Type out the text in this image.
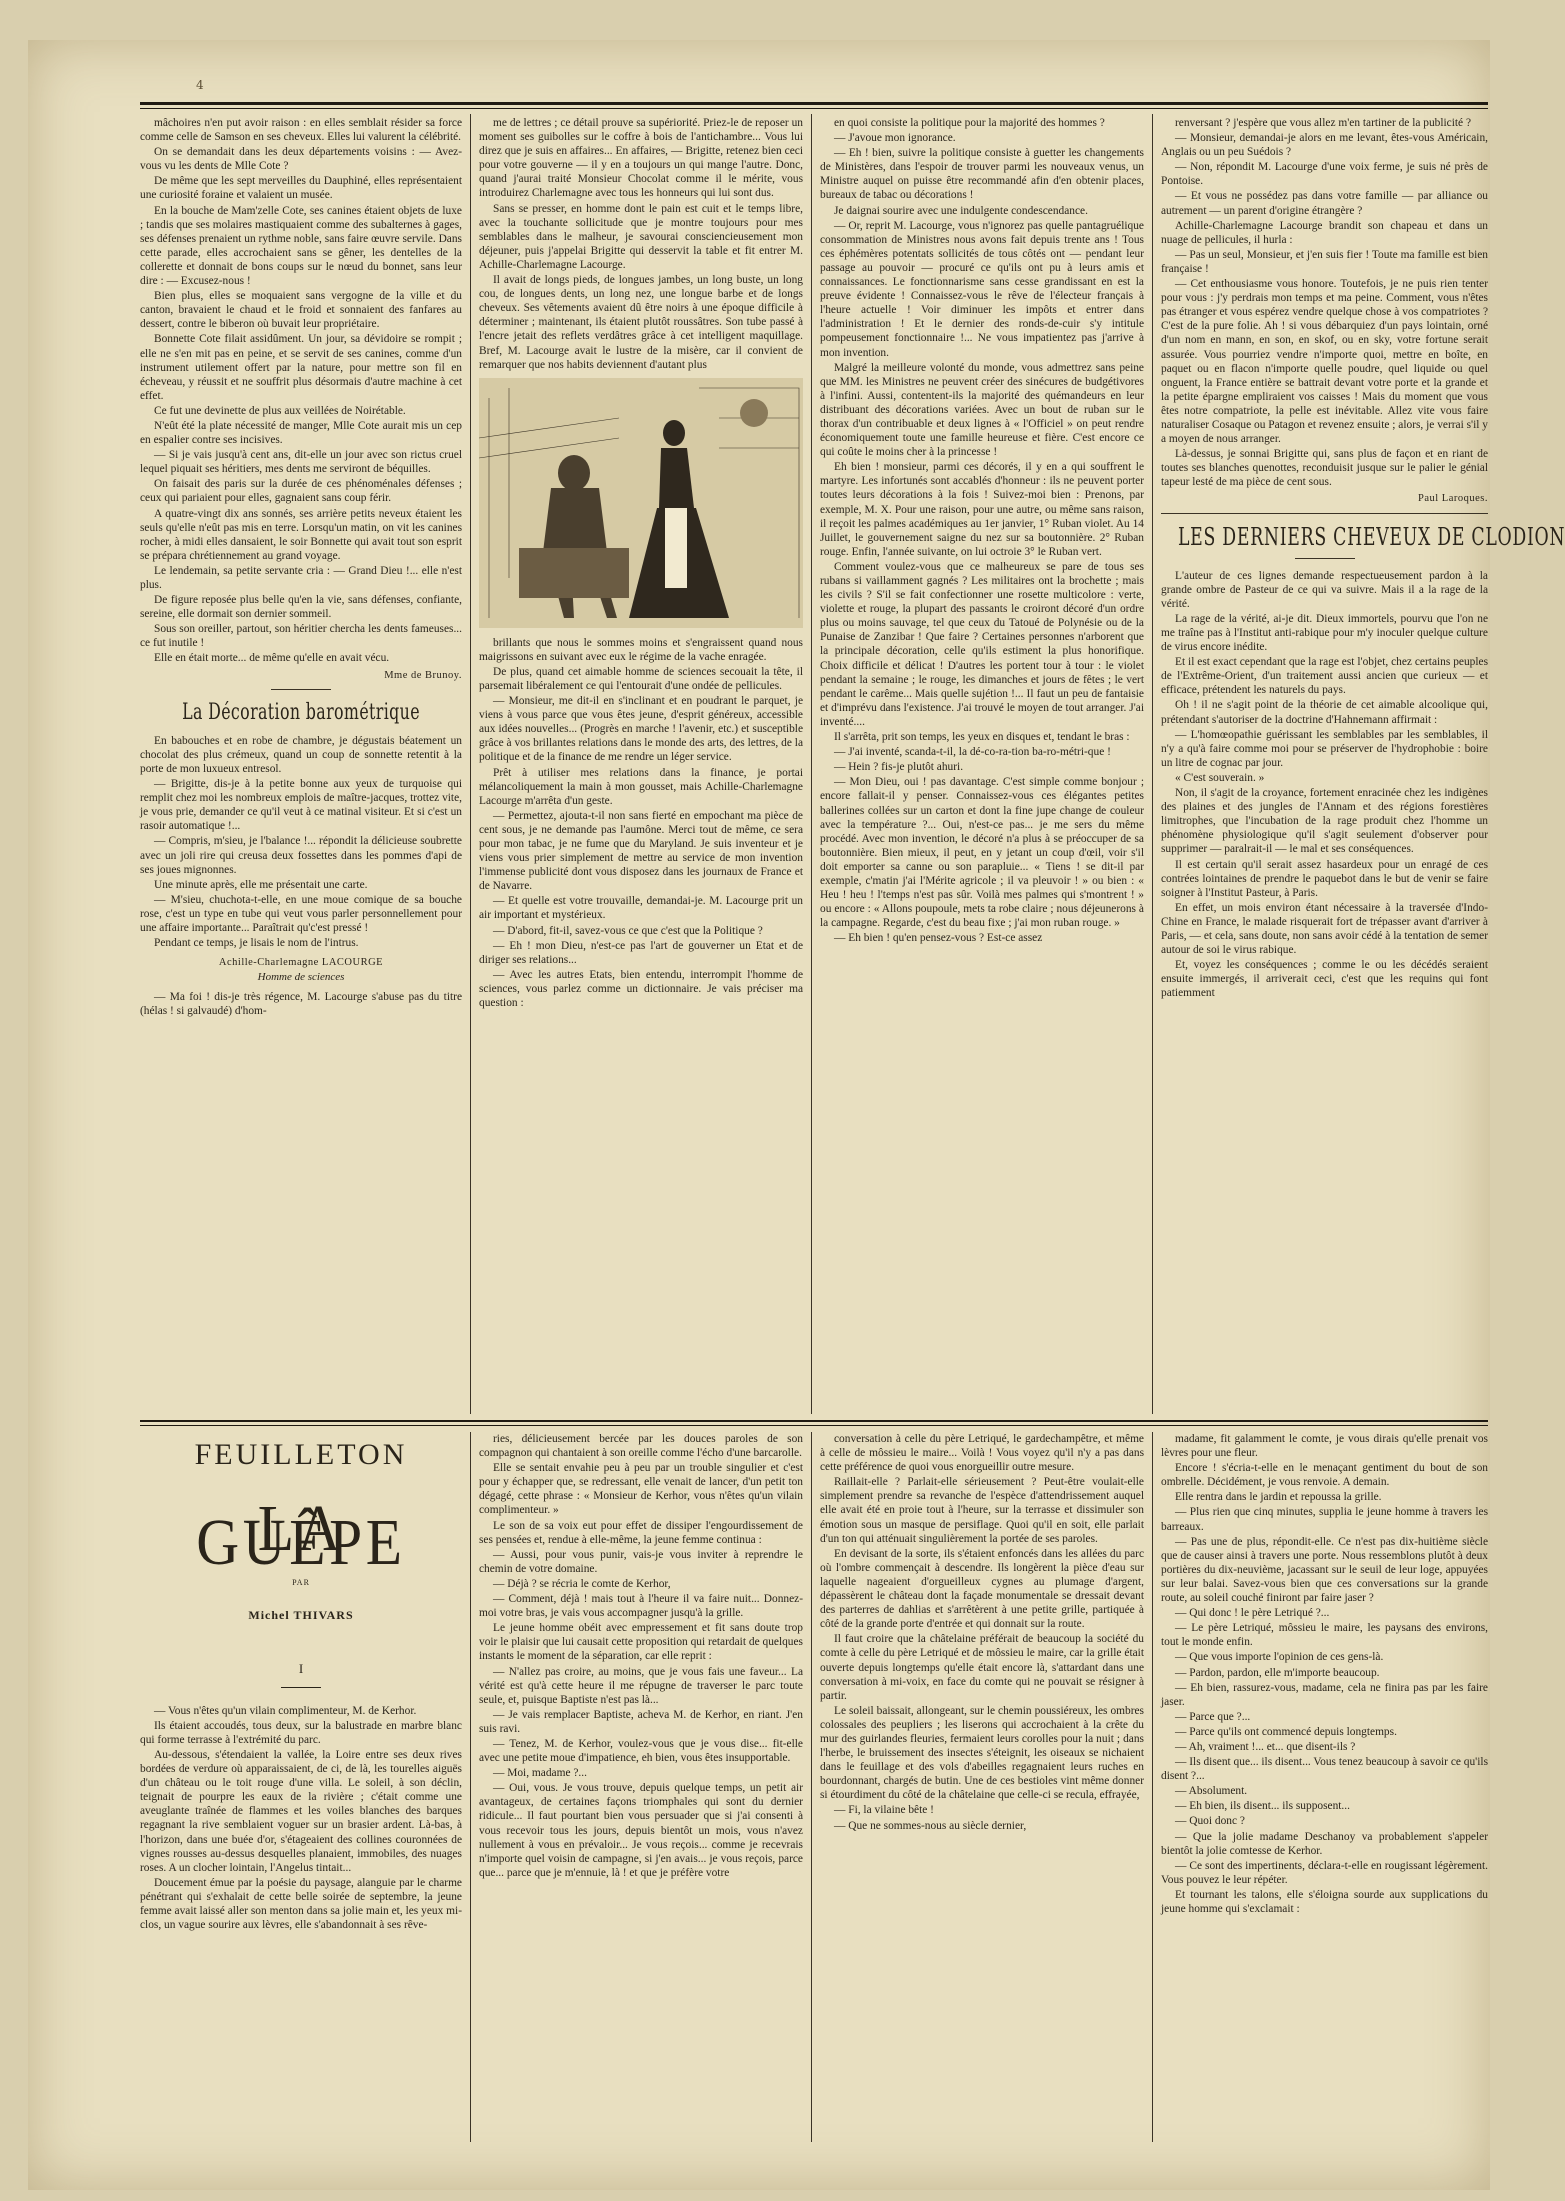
4

mâchoires n'en put avoir raison : en elles semblait résider sa force comme celle de Samson en ses cheveux. Elles lui valurent la célébrité.

On se demandait dans les deux départements voisins : — Avez-vous vu les dents de Mlle Cote ?

De même que les sept merveilles du Dauphiné, elles représentaient une curiosité foraine et valaient un musée.

En la bouche de Mam'zelle Cote, ses canines étaient objets de luxe ; tandis que ses molaires mastiquaient comme des subalternes à gages, ses défenses prenaient un rythme noble, sans faire œuvre servile. Dans cette parade, elles accrochaient sans se gêner, les dentelles de la collerette et donnait de bons coups sur le nœud du bonnet, sans leur dire : — Excusez-nous !

Bien plus, elles se moquaient sans vergogne de la ville et du canton, bravaient le chaud et le froid et sonnaient des fanfares au dessert, contre le biberon où buvait leur propriétaire.

Bonnette Cote filait assidûment. Un jour, sa dévidoire se rompit ; elle ne s'en mit pas en peine, et se servit de ses canines, comme d'un instrument utilement offert par la nature, pour mettre son fil en écheveau, y réussit et ne souffrit plus désormais d'autre machine à cet effet.

Ce fut une devinette de plus aux veillées de Noirétable.

N'eût été la plate nécessité de manger, Mlle Cote aurait mis un cep en espalier contre ses incisives.

— Si je vais jusqu'à cent ans, dit-elle un jour avec son rictus cruel lequel piquait ses héritiers, mes dents me serviront de béquilles.

On faisait des paris sur la durée de ces phénoménales défenses ; ceux qui pariaient pour elles, gagnaient sans coup férir.

A quatre-vingt dix ans sonnés, ses arrière petits neveux étaient les seuls qu'elle n'eût pas mis en terre. Lorsqu'un matin, on vit les canines rocher, à midi elles dansaient, le soir Bonnette qui avait tout son esprit se prépara chrétiennement au grand voyage.

Le lendemain, sa petite servante cria : — Grand Dieu !... elle n'est plus.

De figure reposée plus belle qu'en la vie, sans défenses, confiante, sereine, elle dormait son dernier sommeil.

Sous son oreiller, partout, son héritier chercha les dents fameuses... ce fut inutile !

Elle en était morte... de même qu'elle en avait vécu.

Mme de Brunoy.
La Décoration barométrique

En babouches et en robe de chambre, je dégustais béatement un chocolat des plus crémeux, quand un coup de sonnette retentit à la porte de mon luxueux entresol.

— Brigitte, dis-je à la petite bonne aux yeux de turquoise qui remplit chez moi les nombreux emplois de maître-jacques, trottez vite, je vous prie, demander ce qu'il veut à ce matinal visiteur. Et si c'est un rasoir automatique !...

— Compris, m'sieu, je l'balance !... répondit la délicieuse soubrette avec un joli rire qui creusa deux fossettes dans les pommes d'api de ses joues mignonnes.

Une minute après, elle me présentait une carte.

— M'sieu, chuchota-t-elle, en une moue comique de sa bouche rose, c'est un type en tube qui veut vous parler personnellement pour une affaire importante... Paraîtrait qu'c'est pressé !

Pendant ce temps, je lisais le nom de l'intrus.

Achille-Charlemagne LACOURGE
Homme de sciences

— Ma foi ! dis-je très régence, M. Lacourge s'abuse pas du titre (hélas ! si galvaudé) d'hom-

me de lettres ; ce détail prouve sa supériorité. Priez-le de reposer un moment ses guibolles sur le coffre à bois de l'antichambre... Vous lui direz que je suis en affaires... En affaires, — Brigitte, retenez bien ceci pour votre gouverne — il y en a toujours un qui mange l'autre. Donc, quand j'aurai traité Monsieur Chocolat comme il le mérite, vous introduirez Charlemagne avec tous les honneurs qui lui sont dus.

Sans se presser, en homme dont le pain est cuit et le temps libre, avec la touchante sollicitude que je montre toujours pour mes semblables dans le malheur, je savourai consciencieusement mon déjeuner, puis j'appelai Brigitte qui desservit la table et fit entrer M. Achille-Charlemagne Lacourge.

Il avait de longs pieds, de longues jambes, un long buste, un long cou, de longues dents, un long nez, une longue barbe et de longs cheveux. Ses vêtements avaient dû être noirs à une époque difficile à déterminer ; maintenant, ils étaient plutôt roussâtres. Son tube passé à l'encre jetait des reflets verdâtres grâce à cet intelligent maquillage. Bref, M. Lacourge avait le lustre de la misère, car il convient de remarquer que nos habits deviennent d'autant plus

brillants que nous le sommes moins et s'engraissent quand nous maigrissons en suivant avec eux le régime de la vache enragée.

De plus, quand cet aimable homme de sciences secouait la tête, il parsemait libéralement ce qui l'entourait d'une ondée de pellicules.

— Monsieur, me dit-il en s'inclinant et en poudrant le parquet, je viens à vous parce que vous êtes jeune, d'esprit généreux, accessible aux idées nouvelles... (Progrès en marche ! l'avenir, etc.) et susceptible grâce à vos brillantes relations dans le monde des arts, des lettres, de la politique et de la finance de me rendre un léger service.

Prêt à utiliser mes relations dans la finance, je portai mélancoliquement la main à mon gousset, mais Achille-Charlemagne Lacourge m'arrêta d'un geste.

— Permettez, ajouta-t-il non sans fierté en empochant ma pièce de cent sous, je ne demande pas l'aumône. Merci tout de même, ce sera pour mon tabac, je ne fume que du Maryland. Je suis inventeur et je viens vous prier simplement de mettre au service de mon invention l'immense publicité dont vous disposez dans les journaux de France et de Navarre.

— Et quelle est votre trouvaille, demandai-je. M. Lacourge prit un air important et mystérieux.

— D'abord, fit-il, savez-vous ce que c'est que la Politique ?

— Eh ! mon Dieu, n'est-ce pas l'art de gouverner un Etat et de diriger ses relations...

— Avec les autres Etats, bien entendu, interrompit l'homme de sciences, vous parlez comme un dictionnaire. Je vais préciser ma question :

en quoi consiste la politique pour la majorité des hommes ?

— J'avoue mon ignorance.

— Eh ! bien, suivre la politique consiste à guetter les changements de Ministères, dans l'espoir de trouver parmi les nouveaux venus, un Ministre auquel on puisse être recommandé afin d'en obtenir places, bureaux de tabac ou décorations !

Je daignai sourire avec une indulgente condescendance.

— Or, reprit M. Lacourge, vous n'ignorez pas quelle pantagruélique consommation de Ministres nous avons fait depuis trente ans ! Tous ces éphémères potentats sollicités de tous côtés ont — pendant leur passage au pouvoir — procuré ce qu'ils ont pu à leurs amis et connaissances. Le fonctionnarisme sans cesse grandissant en est la preuve évidente ! Connaissez-vous le rêve de l'électeur français à l'heure actuelle ! Voir diminuer les impôts et entrer dans l'administration ! Et le dernier des ronds-de-cuir s'y intitule pompeusement fonctionnaire !... Ne vous impatientez pas j'arrive à mon invention.

Malgré la meilleure volonté du monde, vous admettrez sans peine que MM. les Ministres ne peuvent créer des sinécures de budgétivores à l'infini. Aussi, contentent-ils la majorité des quémandeurs en leur distribuant des décorations variées. Avec un bout de ruban sur le thorax d'un contribuable et deux lignes à « l'Officiel » on peut rendre économiquement toute une famille heureuse et fière. C'est encore ce qui coûte le moins cher à la princesse !

Eh bien ! monsieur, parmi ces décorés, il y en a qui souffrent le martyre. Les infortunés sont accablés d'honneur : ils ne peuvent porter toutes leurs décorations à la fois ! Suivez-moi bien : Prenons, par exemple, M. X. Pour une raison, pour une autre, ou même sans raison, il reçoit les palmes académiques au 1er janvier, 1° Ruban violet. Au 14 Juillet, le gouvernement saigne du nez sur sa boutonnière. 2° Ruban rouge. Enfin, l'année suivante, on lui octroie 3° le Ruban vert.

Comment voulez-vous que ce malheureux se pare de tous ses rubans si vaillamment gagnés ? Les militaires ont la brochette ; mais les civils ? S'il se fait confectionner une rosette multicolore : verte, violette et rouge, la plupart des passants le croiront décoré d'un ordre plus ou moins sauvage, tel que ceux du Tatoué de Polynésie ou de la Punaise de Zanzibar ! Que faire ? Certaines personnes n'arborent que la principale décoration, celle qu'ils estiment la plus honorifique. Choix difficile et délicat ! D'autres les portent tour à tour : le violet pendant la semaine ; le rouge, les dimanches et jours de fêtes ; le vert pendant le carême... Mais quelle sujétion !... Il faut un peu de fantaisie et d'imprévu dans l'existence. J'ai trouvé le moyen de tout arranger. J'ai inventé....

Il s'arrêta, prit son temps, les yeux en disques et, tendant le bras :

— J'ai inventé, scanda-t-il, la dé-co-ra-tion ba-ro-métri-que !

— Hein ? fis-je plutôt ahuri.

— Mon Dieu, oui ! pas davantage. C'est simple comme bonjour ; encore fallait-il y penser. Connaissez-vous ces élégantes petites ballerines collées sur un carton et dont la fine jupe change de couleur avec la température ?... Oui, n'est-ce pas... je me sers du même procédé. Avec mon invention, le décoré n'a plus à se préoccuper de sa boutonnière. Bien mieux, il peut, en y jetant un coup d'œil, voir s'il doit emporter sa canne ou son parapluie... « Tiens ! se dit-il par exemple, c'matin j'ai l'Mérite agricole ; il va pleuvoir ! » ou bien : « Heu ! heu ! l'temps n'est pas sûr. Voilà mes palmes qui s'montrent ! » ou encore : « Allons poupoule, mets ta robe claire ; nous déjeunerons à la campagne. Regarde, c'est du beau fixe ; j'ai mon ruban rouge. »

— Eh bien ! qu'en pensez-vous ? Est-ce assez

renversant ? j'espère que vous allez m'en tartiner de la publicité ?

— Monsieur, demandai-je alors en me levant, êtes-vous Américain, Anglais ou un peu Suédois ?

— Non, répondit M. Lacourge d'une voix ferme, je suis né près de Pontoise.

— Et vous ne possédez pas dans votre famille — par alliance ou autrement — un parent d'origine étrangère ?

Achille-Charlemagne Lacourge brandit son chapeau et dans un nuage de pellicules, il hurla :

— Pas un seul, Monsieur, et j'en suis fier ! Toute ma famille est bien française !

— Cet enthousiasme vous honore. Toutefois, je ne puis rien tenter pour vous : j'y perdrais mon temps et ma peine. Comment, vous n'êtes pas étranger et vous espérez vendre quelque chose à vos compatriotes ? C'est de la pure folie. Ah ! si vous débarquiez d'un pays lointain, orné d'un nom en mann, en son, en skof, ou en sky, votre fortune serait assurée. Vous pourriez vendre n'importe quoi, mettre en boîte, en paquet ou en flacon n'importe quelle poudre, quel liquide ou quel onguent, la France entière se battrait devant votre porte et la grande et la petite épargne empliraient vos caisses ! Mais du moment que vous êtes notre compatriote, la pelle est inévitable. Allez vite vous faire naturaliser Cosaque ou Patagon et revenez ensuite ; alors, je verrai s'il y a moyen de nous arranger.

Là-dessus, je sonnai Brigitte qui, sans plus de façon et en riant de toutes ses blanches quenottes, reconduisit jusque sur le palier le génial tapeur lesté de ma pièce de cent sous.

Paul Laroques.
LES DERNIERS CHEVEUX DE CLODION

L'auteur de ces lignes demande respectueusement pardon à la grande ombre de Pasteur de ce qui va suivre. Mais il a la rage de la vérité.

La rage de la vérité, ai-je dit. Dieux immortels, pourvu que l'on ne me traîne pas à l'Institut anti-rabique pour m'y inoculer quelque culture de virus encore inédite.

Et il est exact cependant que la rage est l'objet, chez certains peuples de l'Extrême-Orient, d'un traitement aussi ancien que curieux — et efficace, prétendent les naturels du pays.

Oh ! il ne s'agit point de la théorie de cet aimable alcoolique qui, prétendant s'autoriser de la doctrine d'Hahnemann affirmait :

— L'homœopathie guérissant les semblables par les semblables, il n'y a qu'à faire comme moi pour se préserver de l'hydrophobie : boire un litre de cognac par jour.

« C'est souverain. »

Non, il s'agit de la croyance, fortement enracinée chez les indigènes des plaines et des jungles de l'Annam et des régions forestières limitrophes, que l'incubation de la rage produit chez l'homme un phénomène physiologique qu'il s'agit seulement d'observer pour supprimer — paralrait-il — le mal et ses conséquences.

Il est certain qu'il serait assez hasardeux pour un enragé de ces contrées lointaines de prendre le paquebot dans le but de venir se faire soigner à l'Institut Pasteur, à Paris.

En effet, un mois environ étant nécessaire à la traversée d'Indo-Chine en France, le malade risquerait fort de trépasser avant d'arriver à Paris, — et cela, sans doute, non sans avoir cédé à la tentation de semer autour de soi le virus rabique.

Et, voyez les conséquences ; comme le ou les décédés seraient ensuite immergés, il arriverait ceci, c'est que les requins qui font patiemment

FEUILLETON
LA GUÊPE
PAR
Michel THIVARS
I

— Vous n'êtes qu'un vilain complimenteur, M. de Kerhor.

Ils étaient accoudés, tous deux, sur la balustrade en marbre blanc qui forme terrasse à l'extrémité du parc.

Au-dessous, s'étendaient la vallée, la Loire entre ses deux rives bordées de verdure où apparaissaient, de ci, de là, les tourelles aiguës d'un château ou le toit rouge d'une villa. Le soleil, à son déclin, teignait de pourpre les eaux de la rivière ; c'était comme une aveuglante traînée de flammes et les voiles blanches des barques regagnant la rive semblaient voguer sur un brasier ardent. Là-bas, à l'horizon, dans une buée d'or, s'étageaient des collines couronnées de vignes rousses au-dessus desquelles planaient, immobiles, des nuages roses. A un clocher lointain, l'Angelus tintait...

Doucement émue par la poésie du paysage, alanguie par le charme pénétrant qui s'exhalait de cette belle soirée de septembre, la jeune femme avait laissé aller son menton dans sa jolie main et, les yeux mi-clos, un vague sourire aux lèvres, elle s'abandonnait à ses rêve-

ries, délicieusement bercée par les douces paroles de son compagnon qui chantaient à son oreille comme l'écho d'une barcarolle.

Elle se sentait envahie peu à peu par un trouble singulier et c'est pour y échapper que, se redressant, elle venait de lancer, d'un petit ton dégagé, cette phrase : « Monsieur de Kerhor, vous n'êtes qu'un vilain complimenteur. »

Le son de sa voix eut pour effet de dissiper l'engourdissement de ses pensées et, rendue à elle-même, la jeune femme continua :

— Aussi, pour vous punir, vais-je vous inviter à reprendre le chemin de votre domaine.

— Déjà ? se récria le comte de Kerhor,

— Comment, déjà ! mais tout à l'heure il va faire nuit... Donnez-moi votre bras, je vais vous accompagner jusqu'à la grille.

Le jeune homme obéit avec empressement et fit sans doute trop voir le plaisir que lui causait cette proposition qui retardait de quelques instants le moment de la séparation, car elle reprit :

— N'allez pas croire, au moins, que je vous fais une faveur... La vérité est qu'à cette heure il me répugne de traverser le parc toute seule, et, puisque Baptiste n'est pas là...

— Je vais remplacer Baptiste, acheva M. de Kerhor, en riant. J'en suis ravi.

— Tenez, M. de Kerhor, voulez-vous que je vous dise... fit-elle avec une petite moue d'impatience, eh bien, vous êtes insupportable.

— Moi, madame ?...

— Oui, vous. Je vous trouve, depuis quelque temps, un petit air avantageux, de certaines façons triomphales qui sont du dernier ridicule... Il faut pourtant bien vous persuader que si j'ai consenti à vous recevoir tous les jours, depuis bientôt un mois, vous n'avez nullement à vous en prévaloir... Je vous reçois... comme je recevrais n'importe quel voisin de campagne, si j'en avais... je vous reçois, parce que... parce que je m'ennuie, là ! et que je préfère votre

conversation à celle du père Letriqué, le gardechampêtre, et même à celle de môssieu le maire... Voilà ! Vous voyez qu'il n'y a pas dans cette préférence de quoi vous enorgueillir outre mesure.

Raillait-elle ? Parlait-elle sérieusement ? Peut-être voulait-elle simplement prendre sa revanche de l'espèce d'attendrissement auquel elle avait été en proie tout à l'heure, sur la terrasse et dissimuler son émotion sous un masque de persiflage. Quoi qu'il en soit, elle parlait d'un ton qui atténuait singulièrement la portée de ses paroles.

En devisant de la sorte, ils s'étaient enfoncés dans les allées du parc où l'ombre commençait à descendre. Ils longèrent la pièce d'eau sur laquelle nageaient d'orgueilleux cygnes au plumage d'argent, dépassèrent le château dont la façade monumentale se dressait devant des parterres de dahlias et s'arrêtèrent à une petite grille, partiquée à côté de la grande porte d'entrée et qui donnait sur la route.

Il faut croire que la châtelaine préférait de beaucoup la société du comte à celle du père Letriqué et de môssieu le maire, car la grille était ouverte depuis longtemps qu'elle était encore là, s'attardant dans une conversation à mi-voix, en face du comte qui ne pouvait se résigner à partir.

Le soleil baissait, allongeant, sur le chemin poussiéreux, les ombres colossales des peupliers ; les liserons qui accrochaient à la crête du mur des guirlandes fleuries, fermaient leurs corolles pour la nuit ; dans l'herbe, le bruissement des insectes s'éteignit, les oiseaux se nichaient dans le feuillage et des vols d'abeilles regagnaient leurs ruches en bourdonnant, chargés de butin. Une de ces bestioles vint même donner si étourdiment du côté de la châtelaine que celle-ci se recula, effrayée,

— Fi, la vilaine bête !

— Que ne sommes-nous au siècle dernier,

madame, fit galamment le comte, je vous dirais qu'elle prenait vos lèvres pour une fleur.

Encore ! s'écria-t-elle en le menaçant gentiment du bout de son ombrelle. Décidément, je vous renvoie. A demain.

Elle rentra dans le jardin et repoussa la grille.

— Plus rien que cinq minutes, supplia le jeune homme à travers les barreaux.

— Pas une de plus, répondit-elle. Ce n'est pas dix-huitième siècle que de causer ainsi à travers une porte. Nous ressemblons plutôt à deux portières du dix-neuvième, jacassant sur le seuil de leur loge, appuyées sur leur balai. Savez-vous bien que ces conversations sur la grande route, au soleil couché finiront par faire jaser ?

— Qui donc ! le père Letriqué ?...

— Le père Letriqué, môssieu le maire, les paysans des environs, tout le monde enfin.

— Que vous importe l'opinion de ces gens-là.

— Pardon, pardon, elle m'importe beaucoup.

— Eh bien, rassurez-vous, madame, cela ne finira pas par les faire jaser.

— Parce que ?...

— Parce qu'ils ont commencé depuis longtemps.

— Ah, vraiment !... et... que disent-ils ?

— Ils disent que... ils disent... Vous tenez beaucoup à savoir ce qu'ils disent ?...

— Absolument.

— Eh bien, ils disent... ils supposent...

— Quoi donc ?

— Que la jolie madame Deschanoy va probablement s'appeler bientôt la jolie comtesse de Kerhor.

— Ce sont des impertinents, déclara-t-elle en rougissant légèrement. Vous pouvez le leur répéter.

Et tournant les talons, elle s'éloigna sourde aux supplications du jeune homme qui s'exclamait :
